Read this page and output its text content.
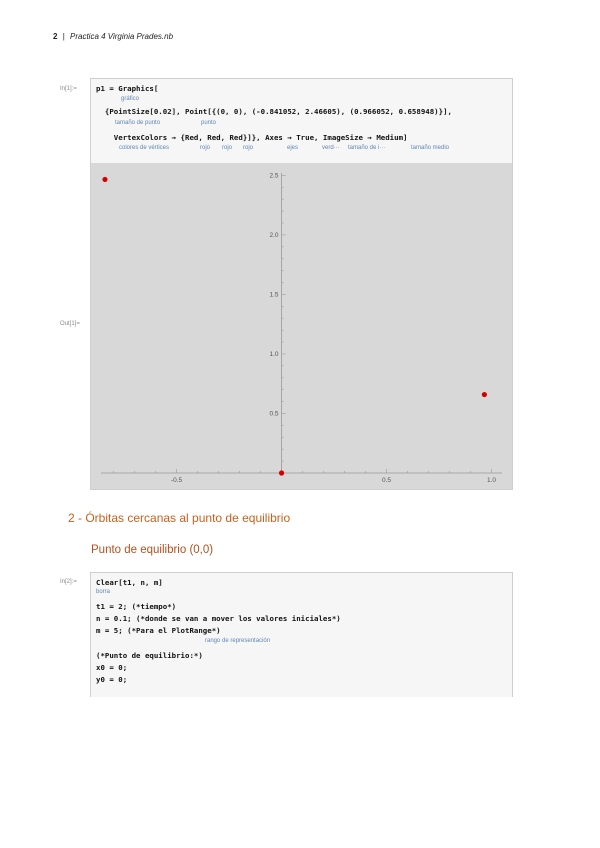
2 | Practica 4 Virginia Prades.nb
In[1]:=	p1 = Graphics[
gráfico
{PointSize[0.02], Point[{(0, 0), (-0.841052, 2.46605), (0.966052, 0.658948)}],
tamaño de punto	punto
VertexColors → {Red, Red, Red}]}, Axes → True, ImageSize → Medium]
colores de vértices	rojo rojo rojo	ejes	verd··· tamaño de i···	tamaño medio
Out[1]=
-0.5	0.5	1.0
0.5
1.0
1.5
2.0
2.5
2 - Órbitas cercanas al punto de equilibrio
Punto de equilibrio (0,0)
In[2]:=	Clear[t1, n, m]
borra
t1 = 2; (*tiempo*)
n = 0.1; (*donde se van a mover los valores iniciales*)
m = 5; (*Para el PlotRange*)
rango de representación
(*Punto de equilibrio:*)
x0 = 0;
y0 = 0;
